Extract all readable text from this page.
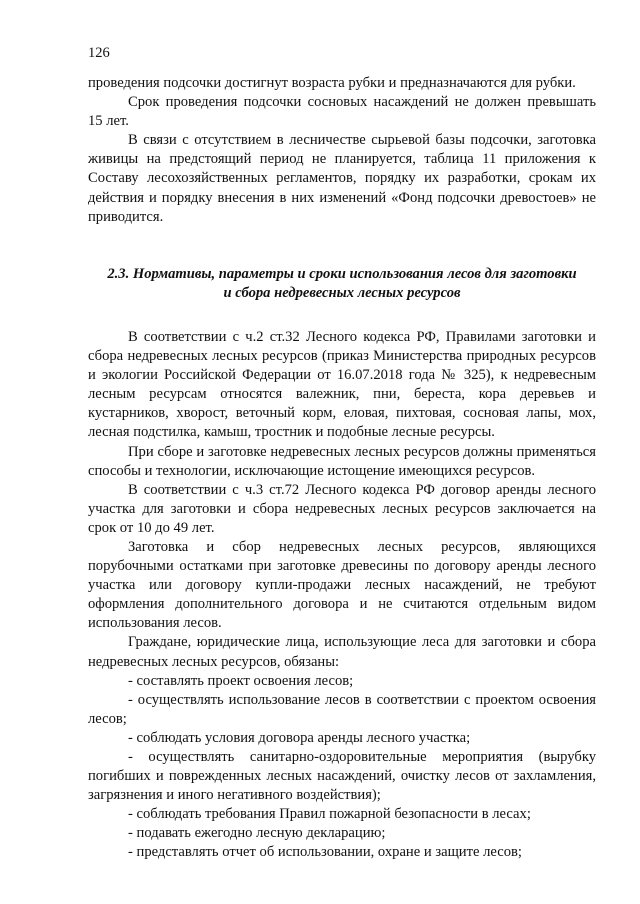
126

проведения подсочки достигнут возраста рубки и предназначаются для рубки.

Срок проведения подсочки сосновых насаждений не должен превышать 15 лет.

В связи с отсутствием в лесничестве сырьевой базы подсочки, заготовка живицы на предстоящий период не планируется, таблица 11 приложения к Составу лесохозяйственных регламентов, порядку их разработки, срокам их действия и порядку внесения в них изменений «Фонд подсочки древостоев» не приводится.

2.3. Нормативы, параметры и сроки использования лесов для заготовки и сбора недревесных лесных ресурсов

В соответствии с ч.2 ст.32 Лесного кодекса РФ, Правилами заготовки и сбора недревесных лесных ресурсов (приказ Министерства природных ресурсов и экологии Российской Федерации от 16.07.2018 года № 325), к недревесным лесным ресурсам относятся валежник, пни, береста, кора деревьев и кустарников, хворост, веточный корм, еловая, пихтовая, сосновая лапы, мох, лесная подстилка, камыш, тростник и подобные лесные ресурсы.

При сборе и заготовке недревесных лесных ресурсов должны применяться способы и технологии, исключающие истощение имеющихся ресурсов.

В соответствии с ч.3 ст.72 Лесного кодекса РФ договор аренды лесного участка для заготовки и сбора недревесных лесных ресурсов заключается на срок от 10 до 49 лет.

Заготовка и сбор недревесных лесных ресурсов, являющихся порубочными остатками при заготовке древесины по договору аренды лесного участка или договору купли-продажи лесных насаждений, не требуют оформления дополнительного договора и не считаются отдельным видом использования лесов.

Граждане, юридические лица, использующие леса для заготовки и сбора недревесных лесных ресурсов, обязаны:

- составлять проект освоения лесов;

- осуществлять использование лесов в соответствии с проектом освоения лесов;

- соблюдать условия договора аренды лесного участка;

- осуществлять санитарно-оздоровительные мероприятия (вырубку погибших и поврежденных лесных насаждений, очистку лесов от захламления, загрязнения и иного негативного воздействия);

- соблюдать требования Правил пожарной безопасности в лесах;

- подавать ежегодно лесную декларацию;

- представлять отчет об использовании, охране и защите лесов;
